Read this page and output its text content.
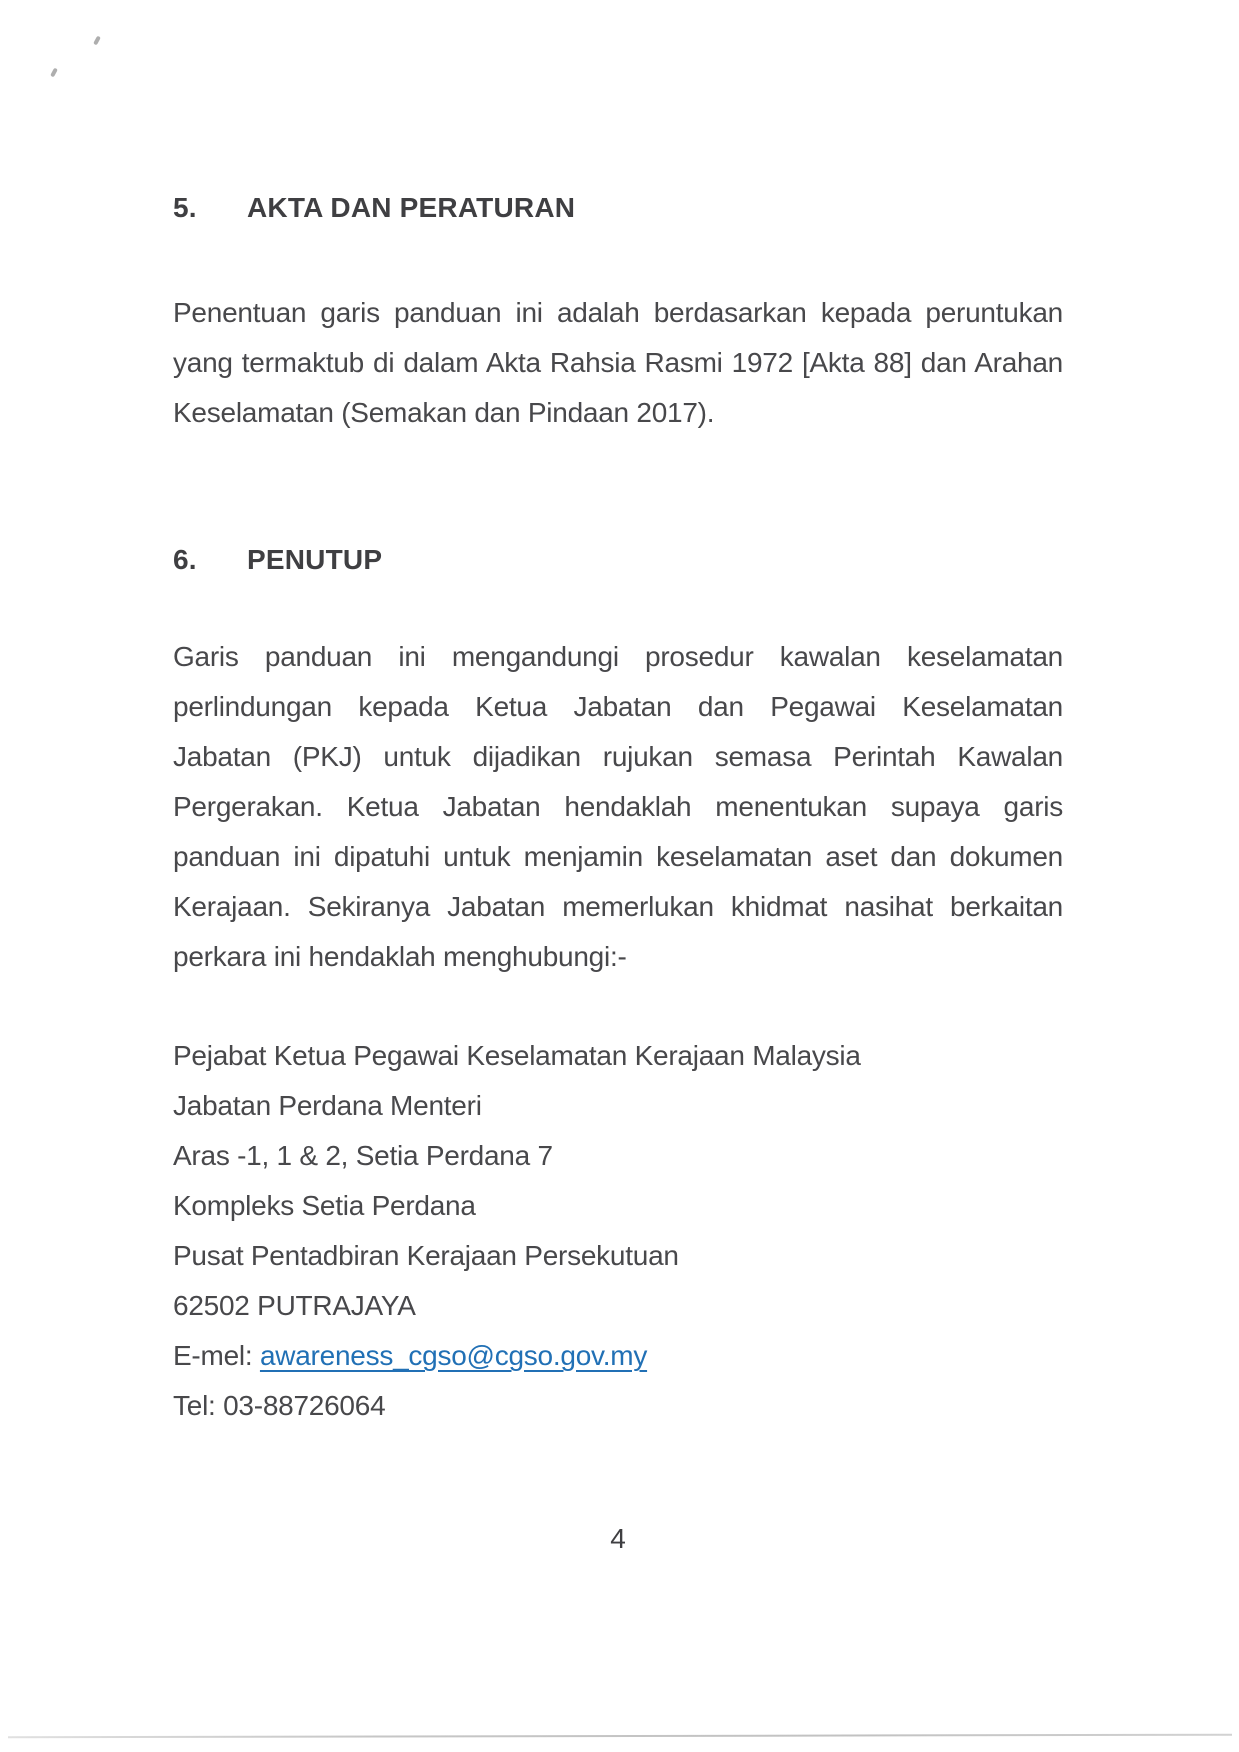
5. AKTA DAN PERATURAN
Penentuan garis panduan ini adalah berdasarkan kepada peruntukan
yang termaktub di dalam Akta Rahsia Rasmi 1972 [Akta 88] dan Arahan
Keselamatan (Semakan dan Pindaan 2017).
6. PENUTUP
Garis panduan ini mengandungi prosedur kawalan keselamatan
perlindungan kepada Ketua Jabatan dan Pegawai Keselamatan
Jabatan (PKJ) untuk dijadikan rujukan semasa Perintah Kawalan
Pergerakan. Ketua Jabatan hendaklah menentukan supaya garis
panduan ini dipatuhi untuk menjamin keselamatan aset dan dokumen
Kerajaan. Sekiranya Jabatan memerlukan khidmat nasihat berkaitan
perkara ini hendaklah menghubungi:-
Pejabat Ketua Pegawai Keselamatan Kerajaan Malaysia
Jabatan Perdana Menteri
Aras -1, 1 & 2, Setia Perdana 7
Kompleks Setia Perdana
Pusat Pentadbiran Kerajaan Persekutuan
62502 PUTRAJAYA
E-mel: awareness_cgso@cgso.gov.my
Tel: 03-88726064
4
